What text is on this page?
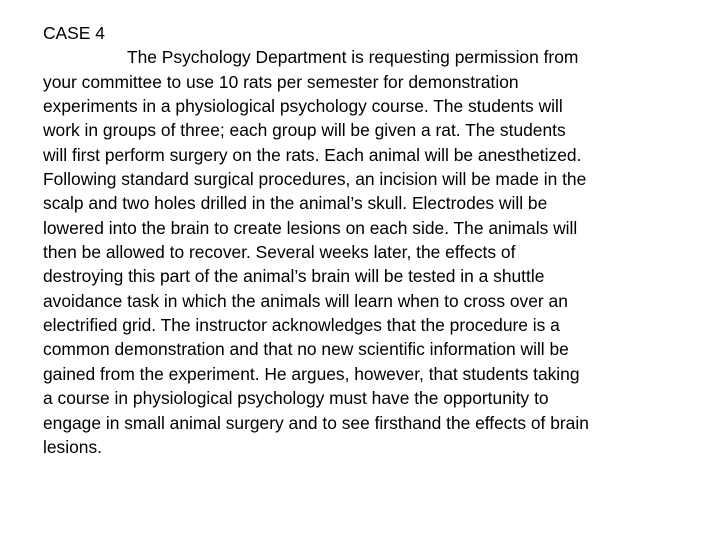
CASE 4
The Psychology Department is requesting permission from
your committee to use 10 rats per semester for demonstration
experiments in a physiological psychology course. The students will
work in groups of three; each group will be given a rat. The students
will first perform surgery on the rats. Each animal will be anesthetized.
Following standard surgical procedures, an incision will be made in the
scalp and two holes drilled in the animal’s skull. Electrodes will be
lowered into the brain to create lesions on each side. The animals will
then be allowed to recover. Several weeks later, the effects of
destroying this part of the animal’s brain will be tested in a shuttle
avoidance task in which the animals will learn when to cross over an
electrified grid. The instructor acknowledges that the procedure is a
common demonstration and that no new scientific information will be
gained from the experiment. He argues, however, that students taking
a course in physiological psychology must have the opportunity to
engage in small animal surgery and to see firsthand the effects of brain
lesions.
